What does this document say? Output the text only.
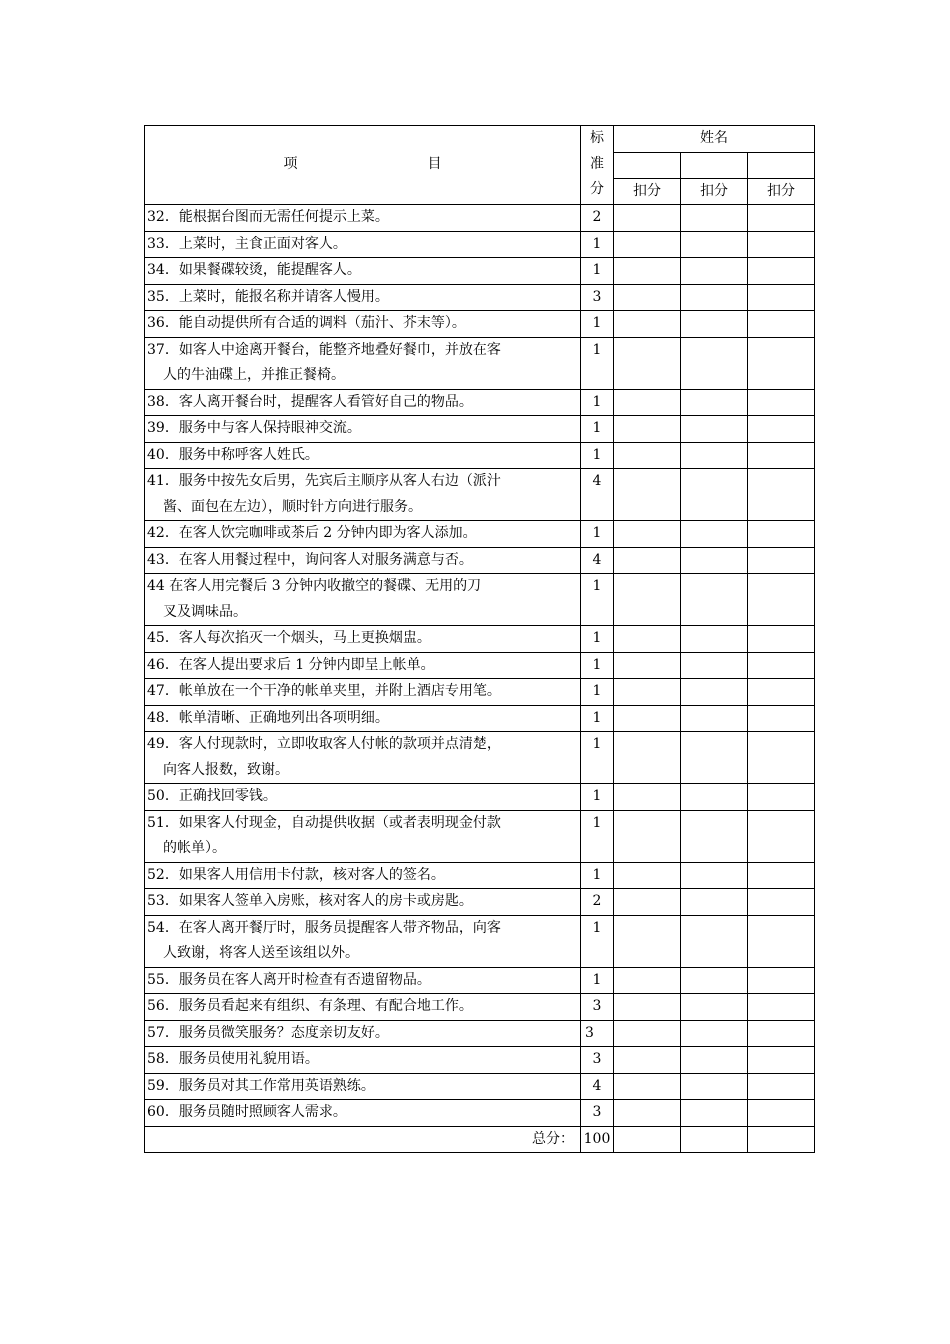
项 目	标
准
分	姓名		

		扣分	扣分	扣分
32．能根据台图而无需任何提示上菜。	2			
33．上菜时，主食正面对客人。	1			
34．如果餐碟较烫，能提醒客人。	1			
35．上菜时，能报名称并请客人慢用。	3			
36．能自动提供所有合适的调料（茄汁、芥末等）。	1			
37．如客人中途离开餐台，能整齐地叠好餐巾，并放在客
人的牛油碟上，并推正餐椅。	1			
38．客人离开餐台时，提醒客人看管好自己的物品。	1			
39．服务中与客人保持眼神交流。	1			
40．服务中称呼客人姓氏。	1			
41．服务中按先女后男，先宾后主顺序从客人右边（派汁
酱、面包在左边），顺时针方向进行服务。	4			
42．在客人饮完咖啡或茶后 2 分钟内即为客人添加。	1			
43．在客人用餐过程中，询问客人对服务满意与否。	4			
44 在客人用完餐后 3 分钟内收撤空的餐碟、无用的刀
叉及调味品。	1			
45．客人每次掐灭一个烟头，马上更换烟盅。	1			
46．在客人提出要求后 1 分钟内即呈上帐单。	1			
47．帐单放在一个干净的帐单夹里，并附上酒店专用笔。	1			
48．帐单清晰、正确地列出各项明细。	1			
49．客人付现款时，立即收取客人付帐的款项并点清楚，
向客人报数，致谢。	1			
50．正确找回零钱。	1			
51．如果客人付现金，自动提供收据（或者表明现金付款
的帐单）。	1			
52．如果客人用信用卡付款，核对客人的签名。	1			
53．如果客人签单入房账，核对客人的房卡或房匙。	2			
54．在客人离开餐厅时，服务员提醒客人带齐物品，向客
人致谢，将客人送至该组以外。	1			
55．服务员在客人离开时检查有否遗留物品。	1			
56．服务员看起来有组织、有条理、有配合地工作。	3			
57．服务员微笑服务？态度亲切友好。	3			
58．服务员使用礼貌用语。	3			
59．服务员对其工作常用英语熟练。	4			
60．服务员随时照顾客人需求。	3			
总分：	100			
